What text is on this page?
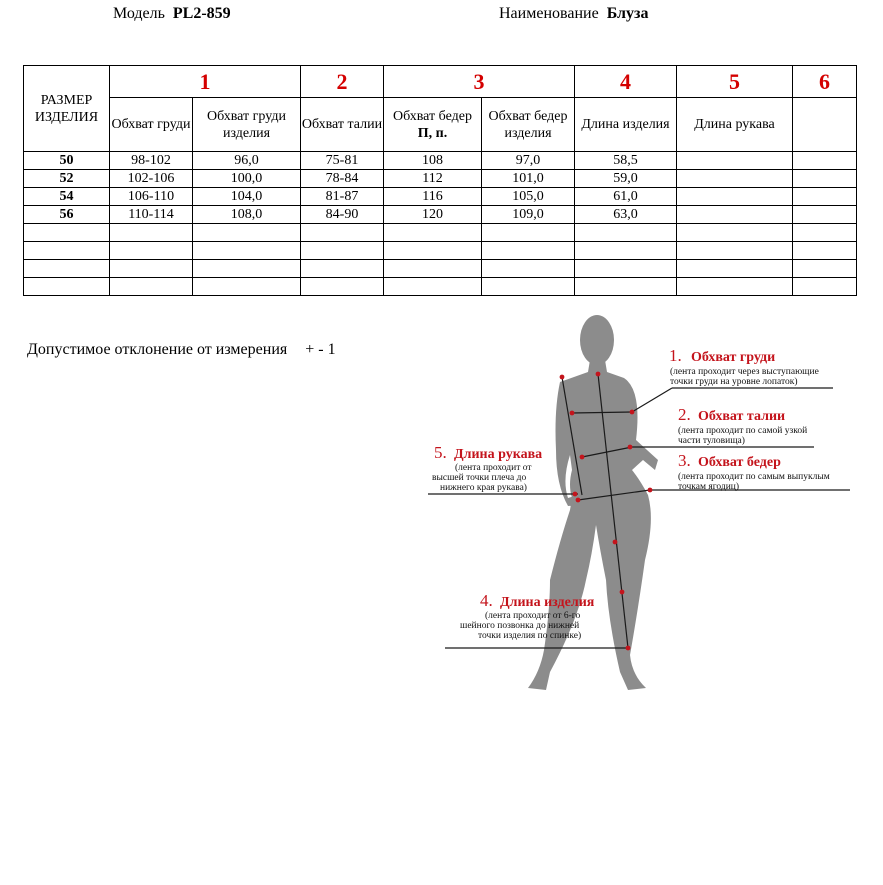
Модель PL2-859	Наименование Блуза
РАЗМЕР ИЗДЕЛИЯ	1		2	3		4	5	6
	Обхват груди	Обхват груди изделия	Обхват талии	Обхват бедер
П, п.	Обхват бедер изделия	Длина изделия	Длина рукава	
50	98-102	96,0	75-81	108	97,0	58,5		
52	102-106	100,0	78-84	112	101,0	59,0		
54	106-110	104,0	81-87	116	105,0	61,0		
56	110-114	108,0	84-90	120	109,0	63,0		

Допустимое отклонение от измерения + - 1	1. Обхват груди
(лента проходит через выступающие
точки груди на уровне лопаток)
2. Обхват талии
(лента проходит по самой узкой
части туловища)
3. Обхват бедер
(лента проходит по самым выпуклым
точкам ягодиц)
5. Длина рукава
(лента проходит от
высшей точки плеча до
нижнего края рукава)
4. Длина изделия
(лента проходит от 6-го
шейного позвонка до нижней
точки изделия по спинке)
